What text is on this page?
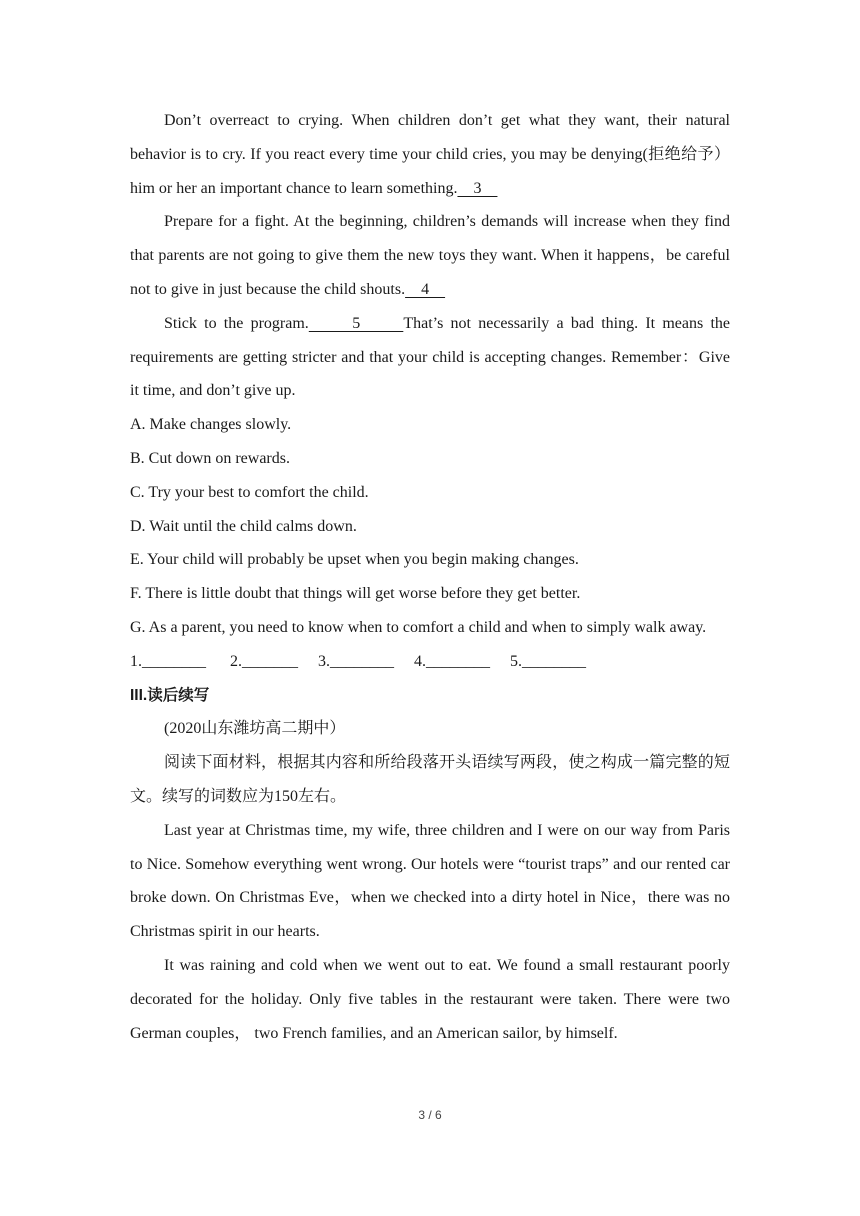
Don’t overreact to crying. When children don’t get what they want, their natural behavior is to cry. If you react every time your child cries, you may be denying(拒绝给予）him or her an important chance to learn something.    3

Prepare for a fight. At the beginning, children’s demands will increase when they find that parents are not going to give them the new toys they want. When it happens，be careful not to give in just because the child shouts.    4

Stick to the program.      5      That’s not necessarily a bad thing. It means the requirements are getting stricter and that your child is accepting changes. Remember：Give it time, and don’t give up.

A. Make changes slowly.

B. Cut down on rewards.

C. Try your best to comfort the child.

D. Wait until the child calms down.

E. Your child will probably be upset when you begin making changes.

F. There is little doubt that things will get worse before they get better.

G. As a parent, you need to know when to comfort a child and when to simply walk away.

1.________      2._______     3.________     4.________     5.________

III.读后续写

(2020山东潍坊高二期中）

阅读下面材料，根据其内容和所给段落开头语续写两段，使之构成一篇完整的短文。续写的词数应为150左右。

Last year at Christmas time, my wife, three children and I were on our way from Paris to Nice. Somehow everything went wrong. Our hotels were “tourist traps” and our rented car broke down. On Christmas Eve，when we checked into a dirty hotel in Nice，there was no Christmas spirit in our hearts.

It was raining and cold when we went out to eat. We found a small restaurant poorly decorated for the holiday. Only five tables in the restaurant were taken. There were two German couples， two French families, and an American sailor, by himself.

3 / 6
